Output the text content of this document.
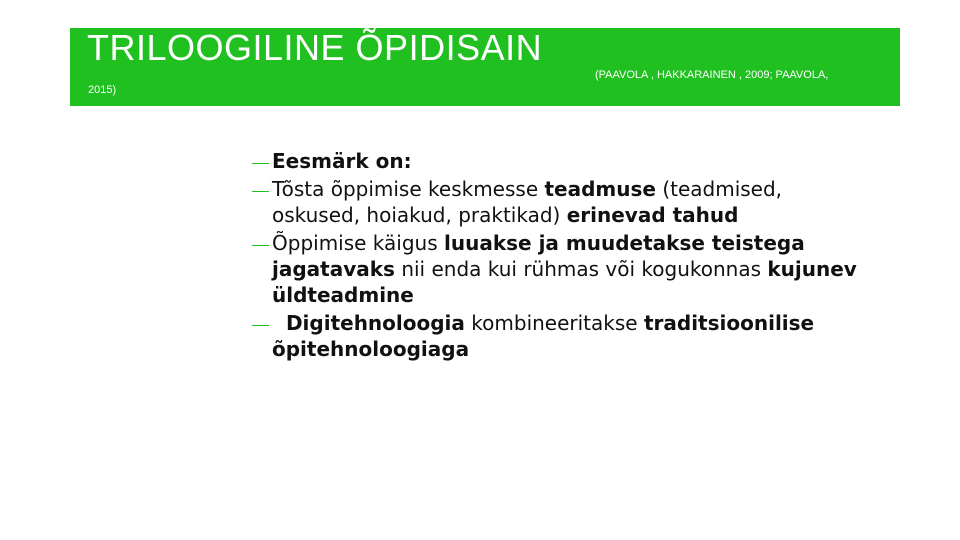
TRILOOGILINE ÕPIDISAIN
(PAAVOLA , HAKKARAINEN , 2009; PAAVOLA,
2015)
Eesmärk on:
Tõsta õppimise keskmesse teadmuse (teadmised, oskused, hoiakud, praktikad) erinevad tahud
Õppimise käigus luuakse ja muudetakse teistega jagatavaks nii enda kui rühmas või kogukonnas kujunev üldteadmine
Digitehnoloogia kombineeritakse traditsioonilise õpitehnoloogiaga
